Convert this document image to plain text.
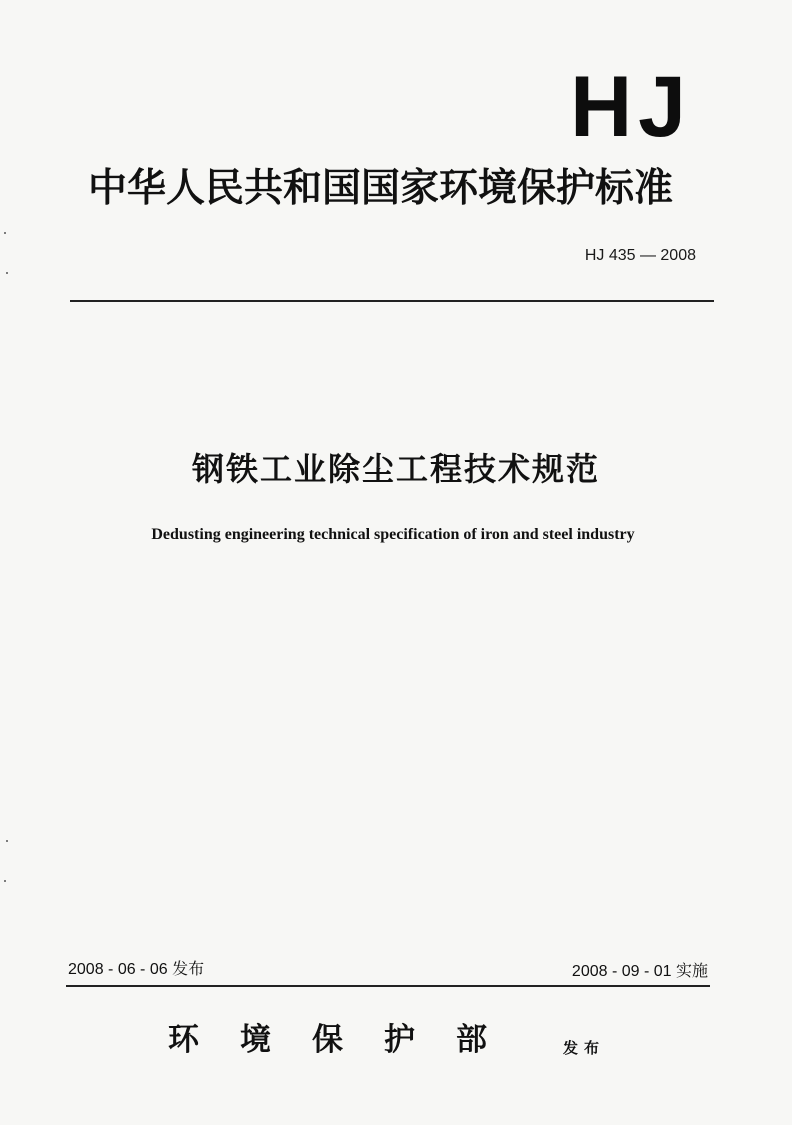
HJ
中华人民共和国国家环境保护标准
HJ 435 — 2008
钢铁工业除尘工程技术规范
Dedusting engineering technical specification of iron and steel industry
2008 - 06 - 06 发布	2008 - 09 - 01 实施
环境保护部 发布
